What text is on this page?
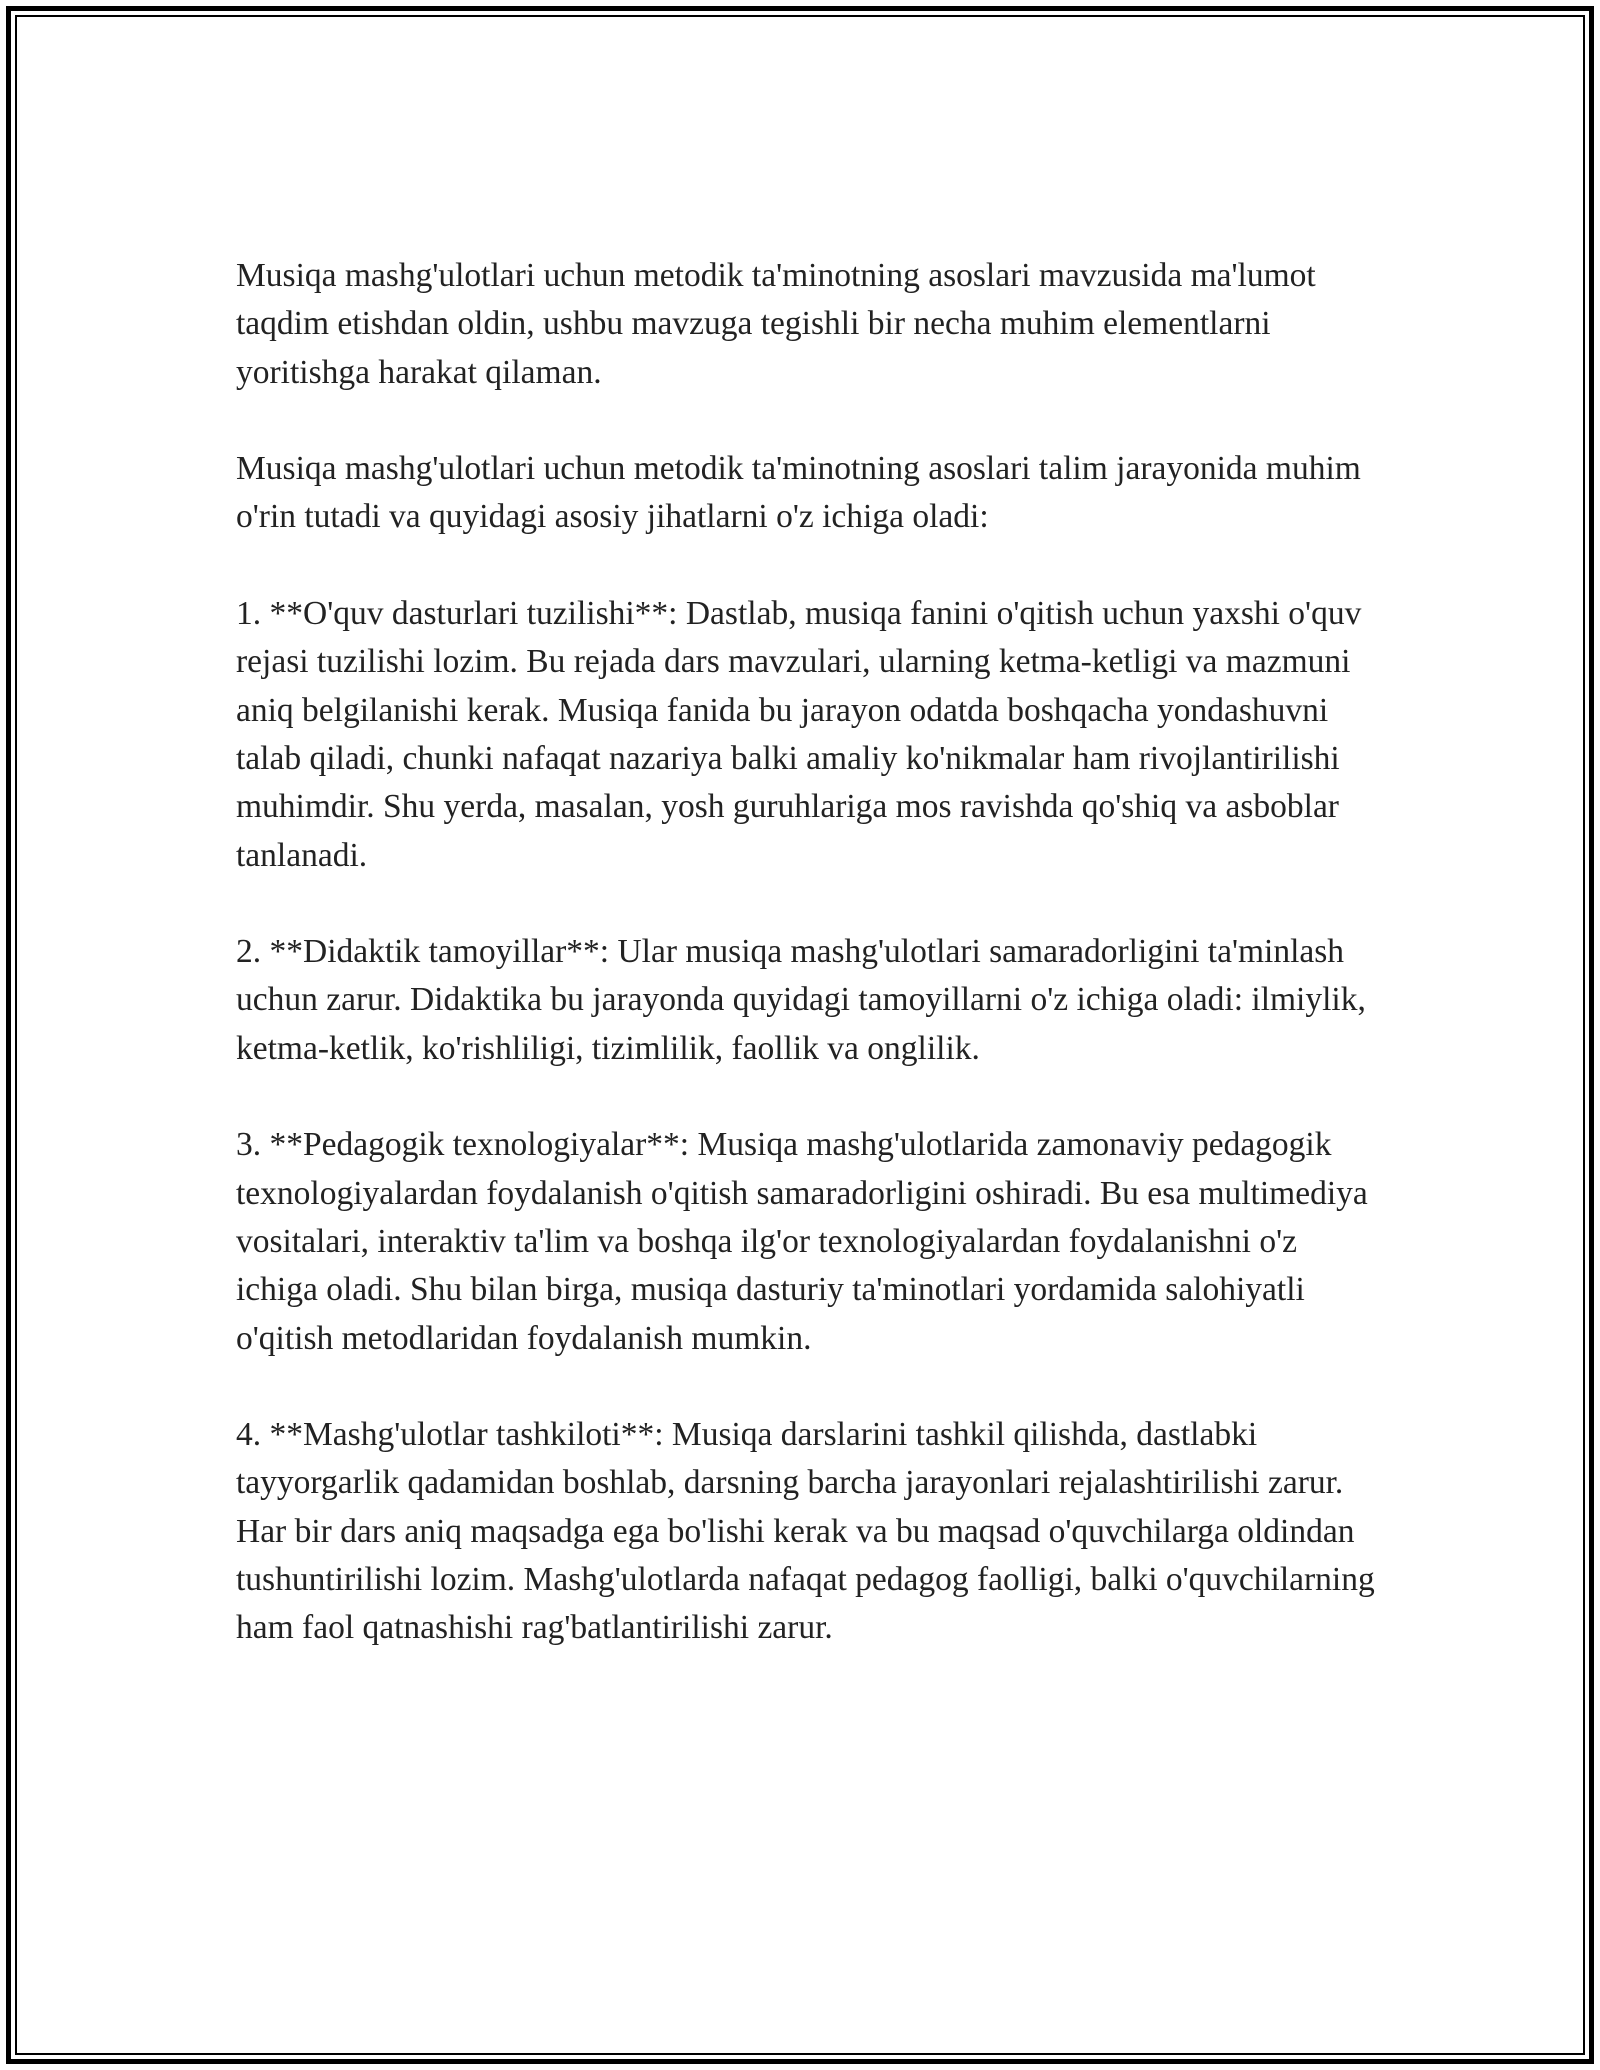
Musiqa mashg'ulotlari uchun metodik ta'minotning asoslari mavzusida ma'lumot taqdim etishdan oldin, ushbu mavzuga tegishli bir necha muhim elementlarni yoritishga harakat qilaman.

Musiqa mashg'ulotlari uchun metodik ta'minotning asoslari talim jarayonida muhim o'rin tutadi va quyidagi asosiy jihatlarni o'z ichiga oladi:

1. **O'quv dasturlari tuzilishi**: Dastlab, musiqa fanini o'qitish uchun yaxshi o'quv rejasi tuzilishi lozim. Bu rejada dars mavzulari, ularning ketma-ketligi va mazmuni aniq belgilanishi kerak. Musiqa fanida bu jarayon odatda boshqacha yondashuvni talab qiladi, chunki nafaqat nazariya balki amaliy ko'nikmalar ham rivojlantirilishi muhimdir. Shu yerda, masalan, yosh guruhlariga mos ravishda qo'shiq va asboblar tanlanadi.

2. **Didaktik tamoyillar**: Ular musiqa mashg'ulotlari samaradorligini ta'minlash uchun zarur. Didaktika bu jarayonda quyidagi tamoyillarni o'z ichiga oladi: ilmiylik, ketma-ketlik, ko'rishliligi, tizimlilik, faollik va onglilik.

3. **Pedagogik texnologiyalar**: Musiqa mashg'ulotlarida zamonaviy pedagogik texnologiyalardan foydalanish o'qitish samaradorligini oshiradi. Bu esa multimediya vositalari, interaktiv ta'lim va boshqa ilg'or texnologiyalardan foydalanishni o'z ichiga oladi. Shu bilan birga, musiqa dasturiy ta'minotlari yordamida salohiyatli o'qitish metodlaridan foydalanish mumkin.

4. **Mashg'ulotlar tashkiloti**: Musiqa darslarini tashkil qilishda, dastlabki tayyorgarlik qadamidan boshlab, darsning barcha jarayonlari rejalashtirilishi zarur. Har bir dars aniq maqsadga ega bo'lishi kerak va bu maqsad o'quvchilarga oldindan tushuntirilishi lozim. Mashg'ulotlarda nafaqat pedagog faolligi, balki o'quvchilarning ham faol qatnashishi rag'batlantirilishi zarur.
